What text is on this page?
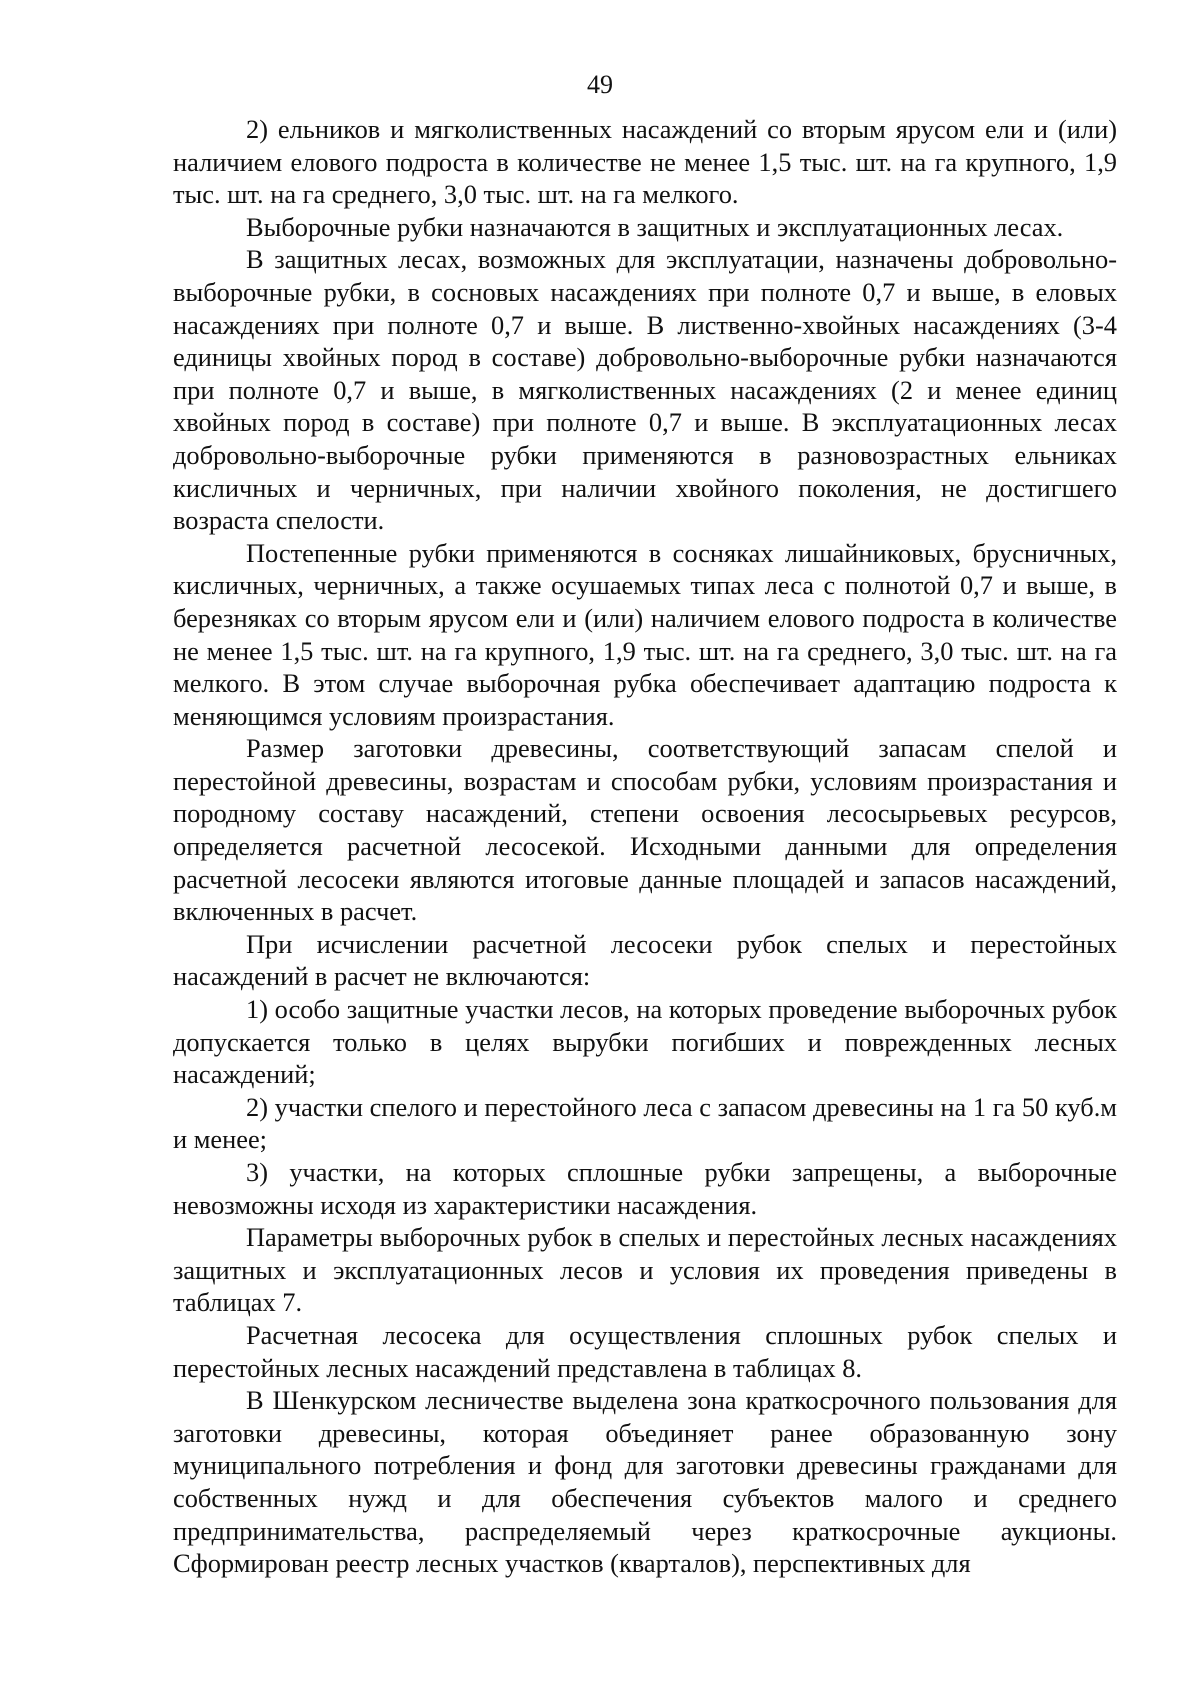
49

2) ельников и мягколиственных насаждений со вторым ярусом ели и (или) наличием елового подроста в количестве не менее 1,5 тыс. шт. на га крупного, 1,9 тыс. шт. на га среднего, 3,0 тыс. шт. на га мелкого.

Выборочные рубки назначаются в защитных и эксплуатационных лесах.

В защитных лесах, возможных для эксплуатации, назначены добровольно-выборочные рубки, в сосновых насаждениях при полноте 0,7 и выше, в еловых насаждениях при полноте 0,7 и выше. В лиственно-хвойных насаждениях (3-4 единицы хвойных пород в составе) добровольно-выборочные рубки назначаются при полноте 0,7 и выше, в мягколиственных насаждениях (2 и менее единиц хвойных пород в составе) при полноте 0,7 и выше. В эксплуатационных лесах добровольно-выборочные рубки применяются в разновозрастных ельниках кисличных и черничных, при наличии хвойного поколения, не достигшего возраста спелости.

Постепенные рубки применяются в сосняках лишайниковых, брусничных, кисличных, черничных, а также осушаемых типах леса с полнотой 0,7 и выше, в березняках со вторым ярусом ели и (или) наличием елового подроста в количестве не менее 1,5 тыс. шт. на га крупного, 1,9 тыс. шт. на га среднего, 3,0 тыс. шт. на га мелкого. В этом случае выборочная рубка обеспечивает адаптацию подроста к меняющимся условиям произрастания.

Размер заготовки древесины, соответствующий запасам спелой и перестойной древесины, возрастам и способам рубки, условиям произрастания и породному составу насаждений, степени освоения лесосырьевых ресурсов, определяется расчетной лесосекой. Исходными данными для определения расчетной лесосеки являются итоговые данные площадей и запасов насаждений, включенных в расчет.

При исчислении расчетной лесосеки рубок спелых и перестойных насаждений в расчет не включаются:

1) особо защитные участки лесов, на которых проведение выборочных рубок допускается только в целях вырубки погибших и поврежденных лесных насаждений;

2) участки спелого и перестойного леса с запасом древесины на 1 га 50 куб.м и менее;

3) участки, на которых сплошные рубки запрещены, а выборочные невозможны исходя из характеристики насаждения.

Параметры выборочных рубок в спелых и перестойных лесных насаждениях защитных и эксплуатационных лесов и условия их проведения приведены в таблицах 7.

Расчетная лесосека для осуществления сплошных рубок спелых и перестойных лесных насаждений представлена в таблицах 8.

В Шенкурском лесничестве выделена зона краткосрочного пользования для заготовки древесины, которая объединяет ранее образованную зону муниципального потребления и фонд для заготовки древесины гражданами для собственных нужд и для обеспечения субъектов малого и среднего предпринимательства, распределяемый через краткосрочные аукционы. Сформирован реестр лесных участков (кварталов), перспективных для
